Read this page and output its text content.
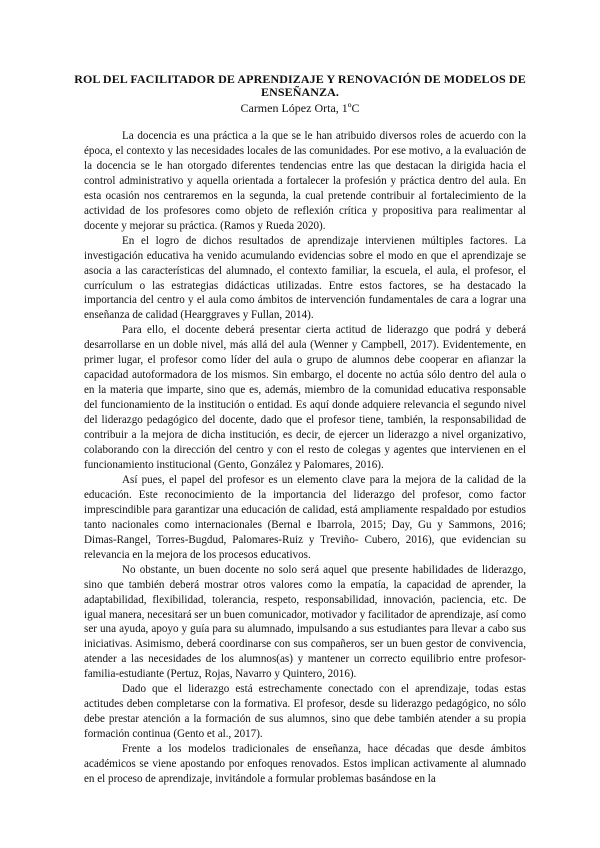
ROL DEL FACILITADOR DE APRENDIZAJE Y RENOVACIÓN DE MODELOS DE ENSEÑANZA.
Carmen López Orta, 1ºC

La docencia es una práctica a la que se le han atribuido diversos roles de acuerdo con la época, el contexto y las necesidades locales de las comunidades. Por ese motivo, a la evaluación de la docencia se le han otorgado diferentes tendencias entre las que destacan la dirigida hacia el control administrativo y aquella orientada a fortalecer la profesión y práctica dentro del aula. En esta ocasión nos centraremos en la segunda, la cual pretende contribuir al fortalecimiento de la actividad de los profesores como objeto de reflexión crítica y propositiva para realimentar al docente y mejorar su práctica. (Ramos y Rueda 2020).

En el logro de dichos resultados de aprendizaje intervienen múltiples factores. La investigación educativa ha venido acumulando evidencias sobre el modo en que el aprendizaje se asocia a las características del alumnado, el contexto familiar, la escuela, el aula, el profesor, el currículum o las estrategias didácticas utilizadas. Entre estos factores, se ha destacado la importancia del centro y el aula como ámbitos de intervención fundamentales de cara a lograr una enseñanza de calidad (Hearggraves y Fullan, 2014).

Para ello, el docente deberá presentar cierta actitud de liderazgo que podrá y deberá desarrollarse en un doble nivel, más allá del aula (Wenner y Campbell, 2017). Evidentemente, en primer lugar, el profesor como líder del aula o grupo de alumnos debe cooperar en afianzar la capacidad autoformadora de los mismos. Sin embargo, el docente no actúa sólo dentro del aula o en la materia que imparte, sino que es, además, miembro de la comunidad educativa responsable del funcionamiento de la institución o entidad. Es aquí donde adquiere relevancia el segundo nivel del liderazgo pedagógico del docente, dado que el profesor tiene, también, la responsabilidad de contribuir a la mejora de dicha institución, es decir, de ejercer un liderazgo a nivel organizativo, colaborando con la dirección del centro y con el resto de colegas y agentes que intervienen en el funcionamiento institucional (Gento, González y Palomares, 2016).

Así pues, el papel del profesor es un elemento clave para la mejora de la calidad de la educación. Este reconocimiento de la importancia del liderazgo del profesor, como factor imprescindible para garantizar una educación de calidad, está ampliamente respaldado por estudios tanto nacionales como internacionales (Bernal e Ibarrola, 2015; Day, Gu y Sammons, 2016; Dimas-Rangel, Torres-Bugdud, Palomares-Ruiz y Treviño- Cubero, 2016), que evidencian su relevancia en la mejora de los procesos educativos.

No obstante, un buen docente no solo será aquel que presente habilidades de liderazgo, sino que también deberá mostrar otros valores como la empatía, la capacidad de aprender, la adaptabilidad, flexibilidad, tolerancia, respeto, responsabilidad, innovación, paciencia, etc. De igual manera, necesitará ser un buen comunicador, motivador y facilitador de aprendizaje, así como ser una ayuda, apoyo y guía para su alumnado, impulsando a sus estudiantes para llevar a cabo sus iniciativas. Asimismo, deberá coordinarse con sus compañeros, ser un buen gestor de convivencia, atender a las necesidades de los alumnos(as) y mantener un correcto equilibrio entre profesor-familia-estudiante (Pertuz, Rojas, Navarro y Quintero, 2016).

Dado que el liderazgo está estrechamente conectado con el aprendizaje, todas estas actitudes deben completarse con la formativa. El profesor, desde su liderazgo pedagógico, no sólo debe prestar atención a la formación de sus alumnos, sino que debe también atender a su propia formación continua (Gento et al., 2017).

Frente a los modelos tradicionales de enseñanza, hace décadas que desde ámbitos académicos se viene apostando por enfoques renovados. Estos implican activamente al alumnado en el proceso de aprendizaje, invitándole a formular problemas basándose en la
